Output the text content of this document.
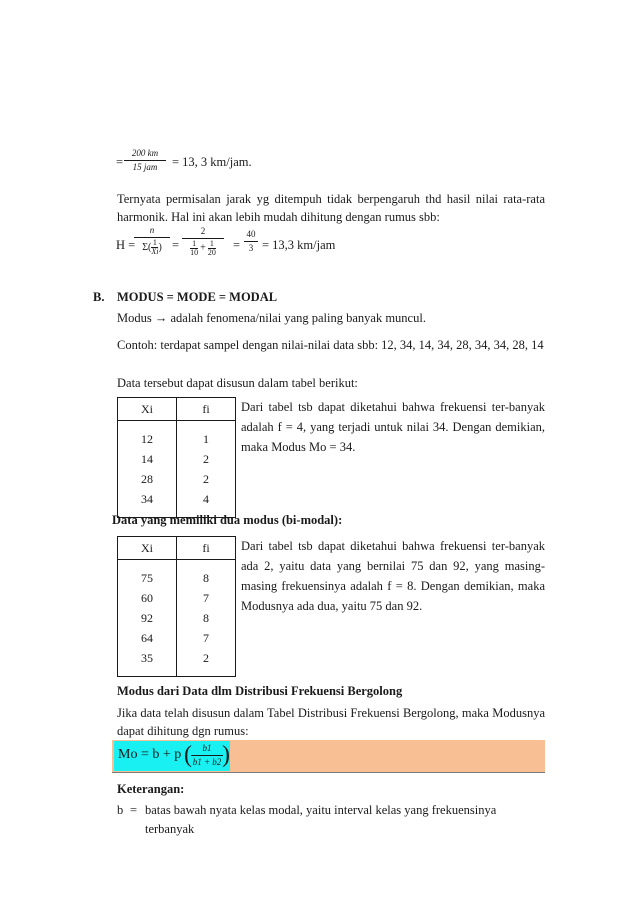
=
200 km
15 jam	= 13, 3 km/jam.
Ternyata permisalan jarak yg ditempuh tidak berpengaruh thd hasil nilai rata-rata harmonik. Hal ini akan lebih mudah dihitung dengan rumus sbb:
H =
n
$\Sigma( \frac{1}{Xi}$ ) =
2
$\frac{1}{10} + \frac{1}{20}$ =
40
3 = 13,3 km/jam
B. MODUS = MODE = MODAL
Modus → adalah fenomena/nilai yang paling banyak muncul.
Contoh: terdapat sampel dengan nilai-nilai data sbb: 12, 34, 14, 34, 28, 34, 34, 28, 14
Data tersebut dapat disusun dalam tabel berikut:
Xi	fi

12	1
14	2
28	2
34	4

Dari tabel tsb dapat diketahui bahwa frekuensi ter-banyak adalah f = 4, yang terjadi untuk nilai 34. Dengan demikian, maka Modus Mo = 34.
Data yang memiliki dua modus (bi-modal):
Xi	fi

75	8
60	7
92	8
64	7
35	2

Dari tabel tsb dapat diketahui bahwa frekuensi ter-banyak ada 2, yaitu data yang bernilai 75 dan 92, yang masing-masing frekuensinya adalah f = 8. Dengan demikian, maka Modusnya ada dua, yaitu 75 dan 92.
Modus dari Data dlm Distribusi Frekuensi Bergolong
Jika data telah disusun dalam Tabel Distribusi Frekuensi Bergolong, maka Modusnya dapat dihitung dgn rumus:
Mo = b + p (	b1
b1 + b2 )
Keterangan:
b = batas bawah nyata kelas modal, yaitu interval kelas yang frekuensinya
terbanyak
